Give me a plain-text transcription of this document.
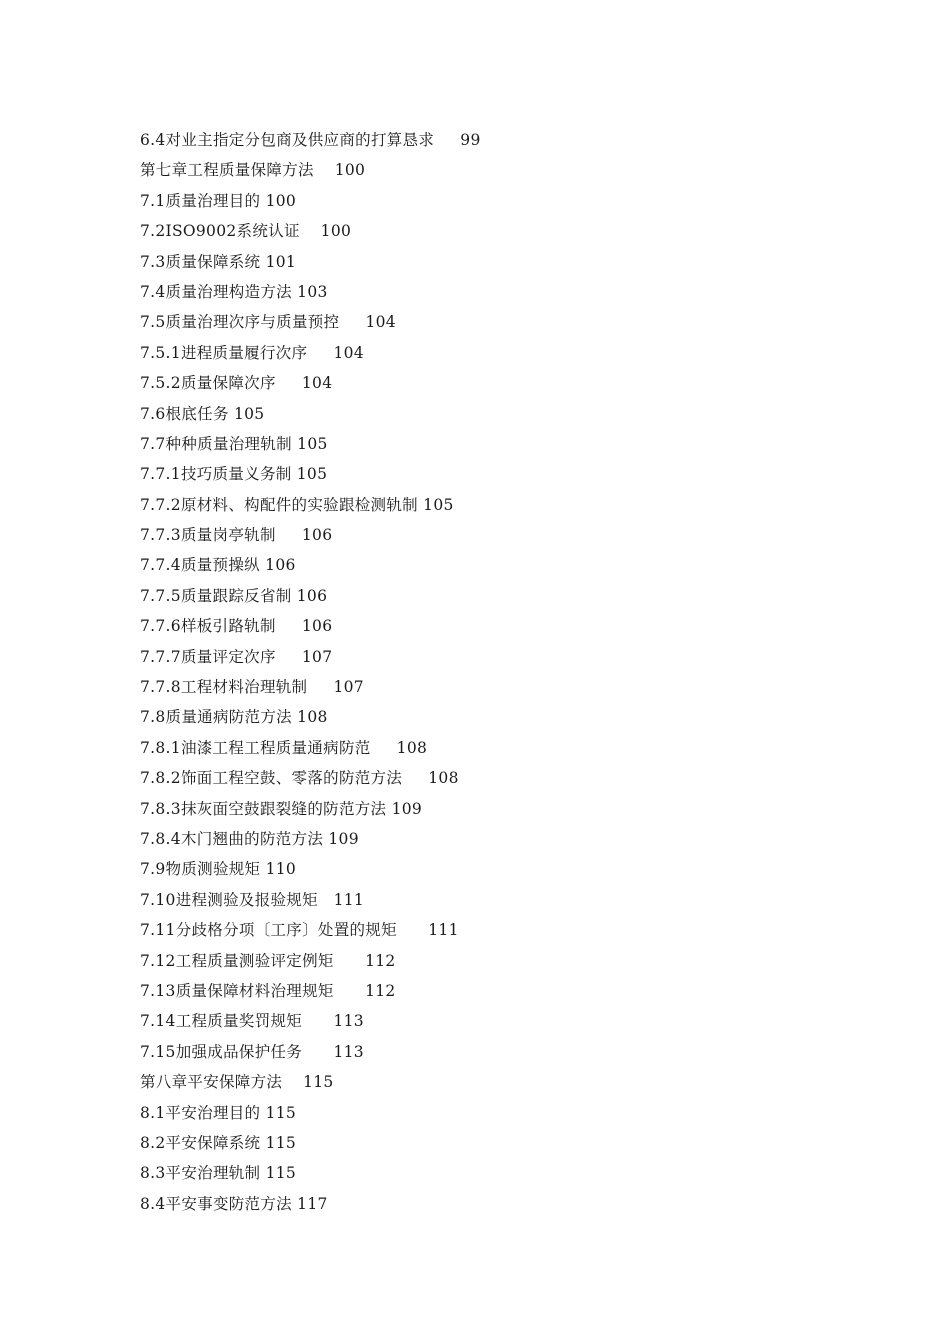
6.4对业主指定分包商及供应商的打算恳求     99
第七章工程质量保障方法    100
7.1质量治理目的 100
7.2ISO9002系统认证    100
7.3质量保障系统 101
7.4质量治理构造方法 103
7.5质量治理次序与质量预控     104
7.5.1进程质量履行次序     104
7.5.2质量保障次序     104
7.6根底任务 105
7.7种种质量治理轨制 105
7.7.1技巧质量义务制 105
7.7.2原材料、构配件的实验跟检测轨制 105
7.7.3质量岗亭轨制     106
7.7.4质量预操纵 106
7.7.5质量跟踪反省制 106
7.7.6样板引路轨制     106
7.7.7质量评定次序     107
7.7.8工程材料治理轨制     107
7.8质量通病防范方法 108
7.8.1油漆工程工程质量通病防范     108
7.8.2饰面工程空鼓、零落的防范方法     108
7.8.3抹灰面空鼓跟裂缝的防范方法 109
7.8.4木门翘曲的防范方法 109
7.9物质测验规矩 110
7.10进程测验及报验规矩   111
7.11分歧格分项〔工序〕处置的规矩      111
7.12工程质量测验评定例矩      112
7.13质量保障材料治理规矩      112
7.14工程质量奖罚规矩      113
7.15加强成品保护任务      113
第八章平安保障方法    115
8.1平安治理目的 115
8.2平安保障系统 115
8.3平安治理轨制 115
8.4平安事变防范方法 117
